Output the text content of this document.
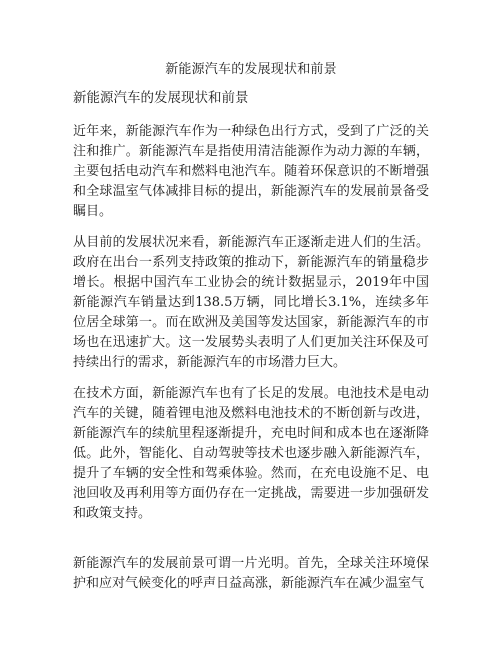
新能源汽车的发展现状和前景
新能源汽车的发展现状和前景

近年来，新能源汽车作为一种绿色出行方式，受到了广泛的关注和推广。新能源汽车是指使用清洁能源作为动力源的车辆，主要包括电动汽车和燃料电池汽车。随着环保意识的不断增强和全球温室气体减排目标的提出，新能源汽车的发展前景备受瞩目。

从目前的发展状况来看，新能源汽车正逐渐走进人们的生活。政府在出台一系列支持政策的推动下，新能源汽车的销量稳步增长。根据中国汽车工业协会的统计数据显示，2019年中国新能源汽车销量达到138.5万辆，同比增长3.1%，连续多年位居全球第一。而在欧洲及美国等发达国家，新能源汽车的市场也在迅速扩大。这一发展势头表明了人们更加关注环保及可持续出行的需求，新能源汽车的市场潜力巨大。

在技术方面，新能源汽车也有了长足的发展。电池技术是电动汽车的关键，随着锂电池及燃料电池技术的不断创新与改进，新能源汽车的续航里程逐渐提升，充电时间和成本也在逐渐降低。此外，智能化、自动驾驶等技术也逐步融入新能源汽车，提升了车辆的安全性和驾乘体验。然而，在充电设施不足、电池回收及再利用等方面仍存在一定挑战，需要进一步加强研发和政策支持。

新能源汽车的发展前景可谓一片光明。首先，全球关注环境保护和应对气候变化的呼声日益高涨，新能源汽车在减少温室气
